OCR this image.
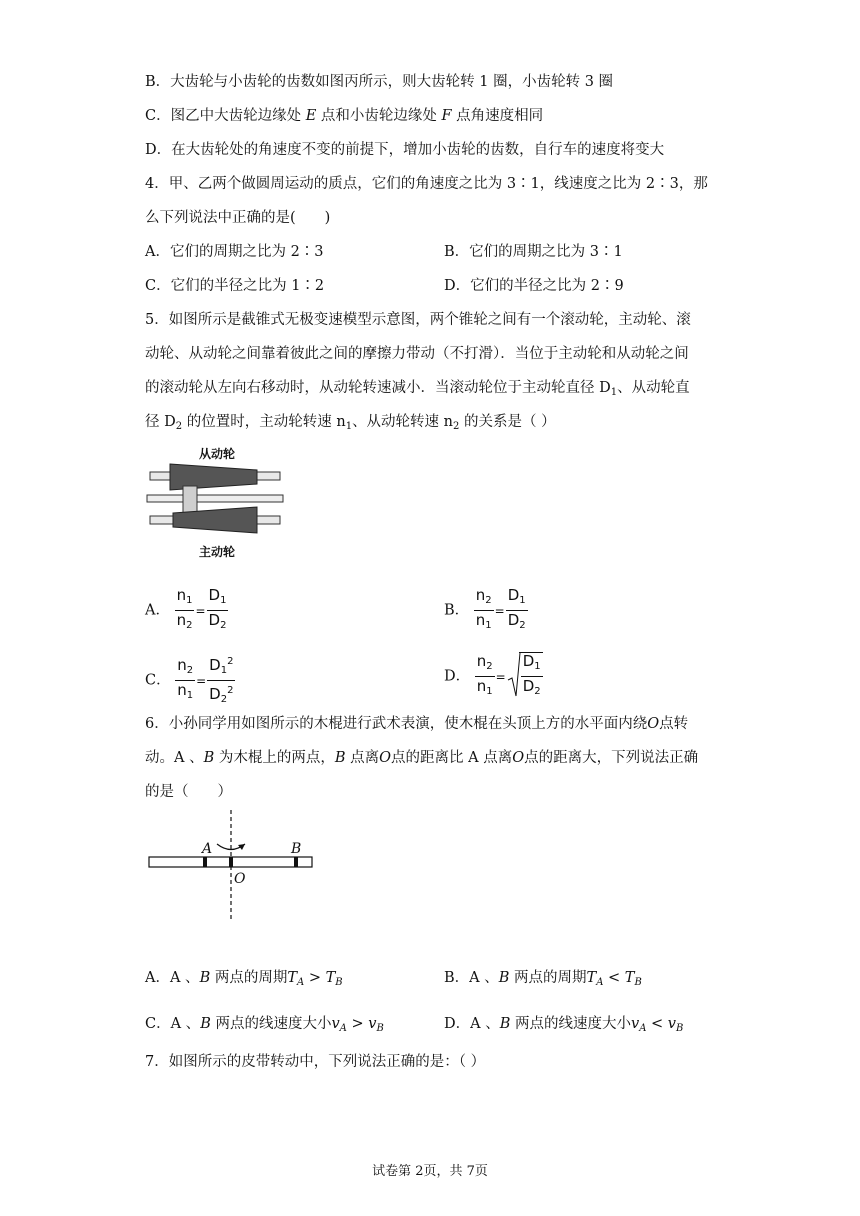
B．大齿轮与小齿轮的齿数如图丙所示，则大齿轮转 1 圈，小齿轮转 3 圈
C．图乙中大齿轮边缘处 E 点和小齿轮边缘处 F 点角速度相同
D．在大齿轮处的角速度不变的前提下，增加小齿轮的齿数，自行车的速度将变大
4．甲、乙两个做圆周运动的质点，它们的角速度之比为 3∶1，线速度之比为 2∶3，那
么下列说法中正确的是(　　)
A．它们的周期之比为 2∶3	B．它们的周期之比为 3∶1
C．它们的半径之比为 1∶2	D．它们的半径之比为 2∶9
5．如图所示是截锥式无极变速模型示意图，两个锥轮之间有一个滚动轮，主动轮、滚
动轮、从动轮之间靠着彼此之间的摩擦力带动（不打滑）．当位于主动轮和从动轮之间
的滚动轮从左向右移动时，从动轮转速减小．当滚动轮位于主动轮直径 $D_1$、从动轮直
径 $D_2$ 的位置时，主动轮转速 $n_1$、从动轮转速 $n_2$ 的关系是（ ）
从动轮
主动轮
A． $\frac{n_1}{n_2} = \frac{D_1}{D_2}$	B． $\frac{n_2}{n_1} = \frac{D_1}{D_2}$
C． $\frac{n_2}{n_1} = \frac{D_1^2}{D_2^2}$	D． $\frac{n_2}{n_1} = \frac{D_1}{D_2}$
6．小孙同学用如图所示的木棍进行武术表演，使木棍在头顶上方的水平面内绕O点转
动。A 、B 为木棍上的两点，B 点离O点的距离比 A 点离O点的距离大，下列说法正确
的是（　　）
A	B
O
A．A 、B 两点的周期$T_A > T_B$	B．A 、B 两点的周期$T_A < T_B$
C．A 、B 两点的线速度大小$v_A > v_B$	D．A 、B 两点的线速度大小$v_A < v_B$
7．如图所示的皮带转动中，下列说法正确的是：（ ）
试卷第 2页，共 7页
